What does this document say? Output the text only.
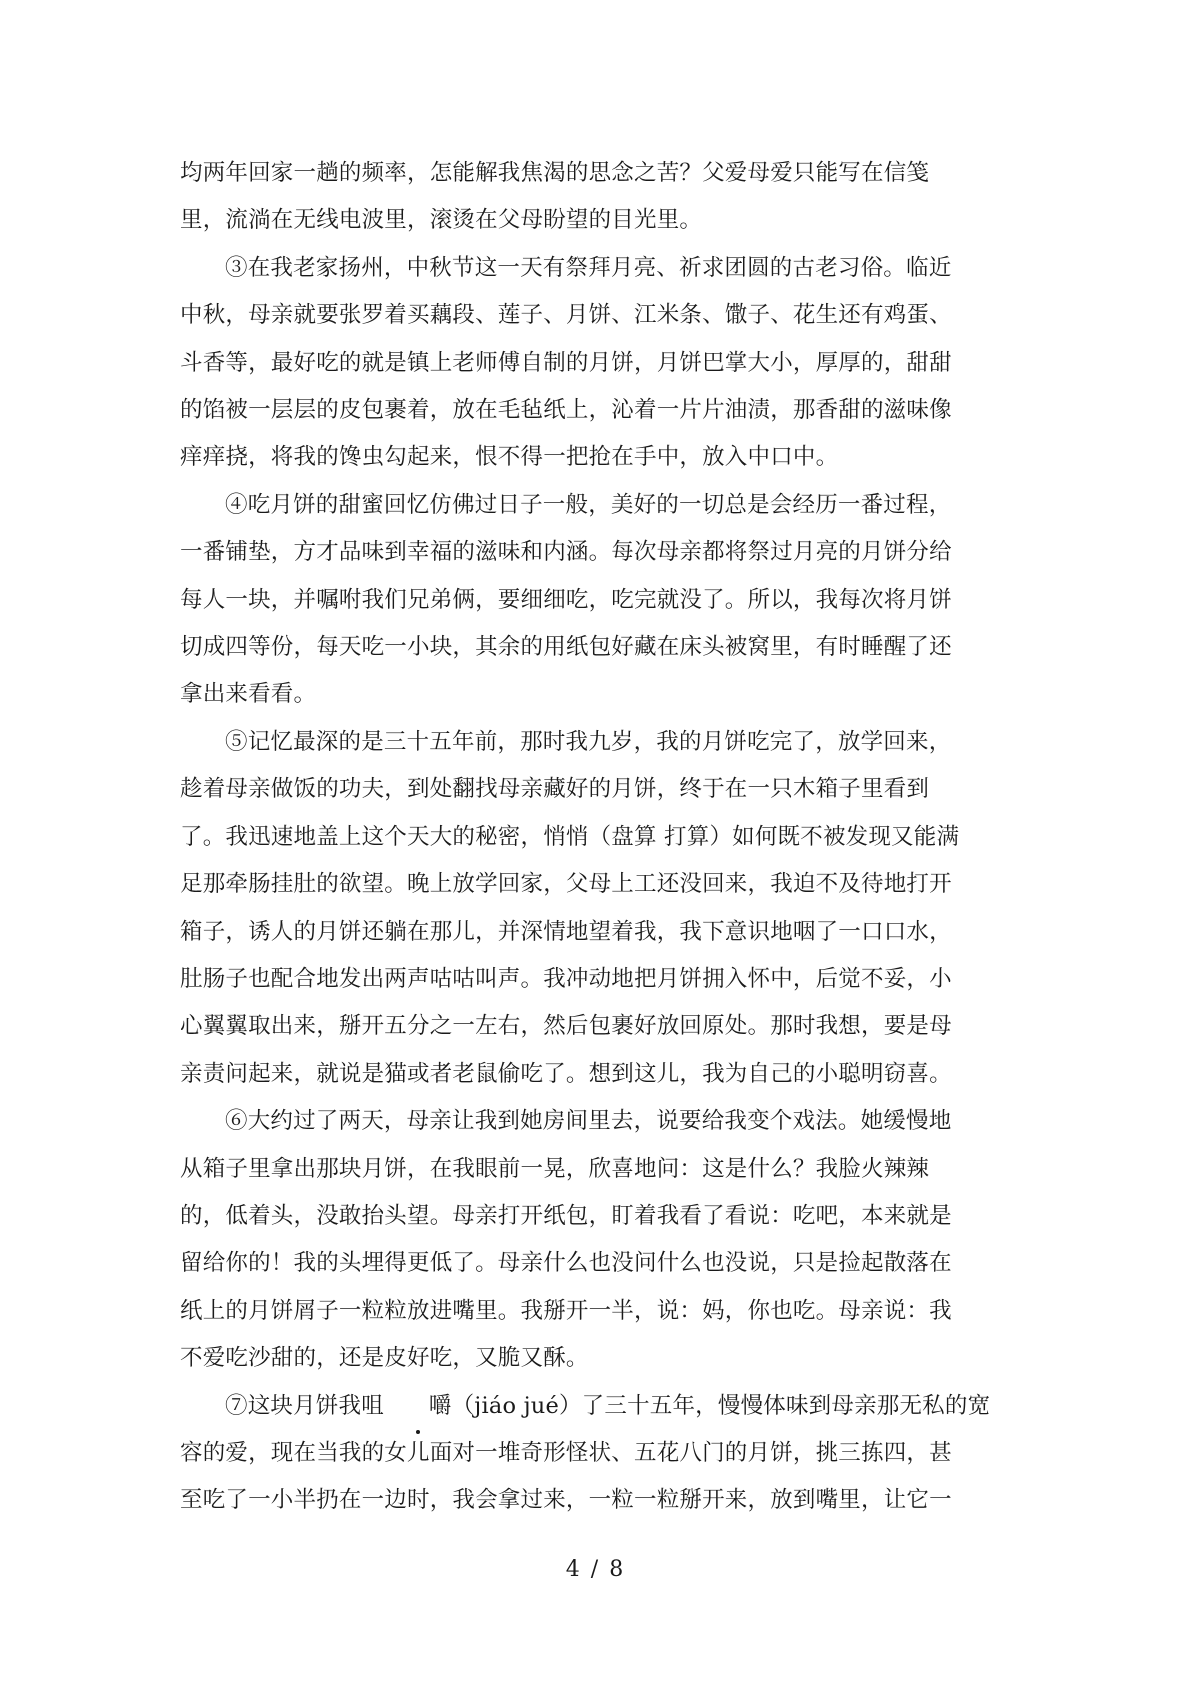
均两年回家一趟的频率，怎能解我焦渴的思念之苦？父爱母爱只能写在信笺
里，流淌在无线电波里，滚烫在父母盼望的目光里。

③在我老家扬州，中秋节这一天有祭拜月亮、祈求团圆的古老习俗。临近
中秋，母亲就要张罗着买藕段、莲子、月饼、江米条、馓子、花生还有鸡蛋、
斗香等，最好吃的就是镇上老师傅自制的月饼，月饼巴掌大小，厚厚的，甜甜
的馅被一层层的皮包裹着，放在毛毡纸上，沁着一片片油渍，那香甜的滋味像
痒痒挠，将我的馋虫勾起来，恨不得一把抢在手中，放入中口中。

④吃月饼的甜蜜回忆仿佛过日子一般，美好的一切总是会经历一番过程，
一番铺垫，方才品味到幸福的滋味和内涵。每次母亲都将祭过月亮的月饼分给
每人一块，并嘱咐我们兄弟俩，要细细吃，吃完就没了。所以，我每次将月饼
切成四等份，每天吃一小块，其余的用纸包好藏在床头被窝里，有时睡醒了还
拿出来看看。

⑤记忆最深的是三十五年前，那时我九岁，我的月饼吃完了，放学回来，
趁着母亲做饭的功夫，到处翻找母亲藏好的月饼，终于在一只木箱子里看到
了。我迅速地盖上这个天大的秘密，悄悄（盘算 打算）如何既不被发现又能满
足那牵肠挂肚的欲望。晚上放学回家，父母上工还没回来，我迫不及待地打开
箱子，诱人的月饼还躺在那儿，并深情地望着我，我下意识地咽了一口口水，
肚肠子也配合地发出两声咕咕叫声。我冲动地把月饼拥入怀中，后觉不妥，小
心翼翼取出来，掰开五分之一左右，然后包裹好放回原处。那时我想，要是母
亲责问起来，就说是猫或者老鼠偷吃了。想到这儿，我为自己的小聪明窃喜。

⑥大约过了两天，母亲让我到她房间里去，说要给我变个戏法。她缓慢地
从箱子里拿出那块月饼，在我眼前一晃，欣喜地问：这是什么？我脸火辣辣
的，低着头，没敢抬头望。母亲打开纸包，盯着我看了看说：吃吧，本来就是
留给你的！我的头埋得更低了。母亲什么也没问什么也没说，只是捡起散落在
纸上的月饼屑子一粒粒放进嘴里。我掰开一半，说：妈，你也吃。母亲说：我
不爱吃沙甜的，还是皮好吃，又脆又酥。

⑦这块月饼我咀 嚼（jiáo jué）了三十五年，慢慢体味到母亲那无私的宽
容的爱，现在当我的女儿面对一堆奇形怪状、五花八门的月饼，挑三拣四，甚
至吃了一小半扔在一边时，我会拿过来，一粒一粒掰开来，放到嘴里，让它一

4 / 8
